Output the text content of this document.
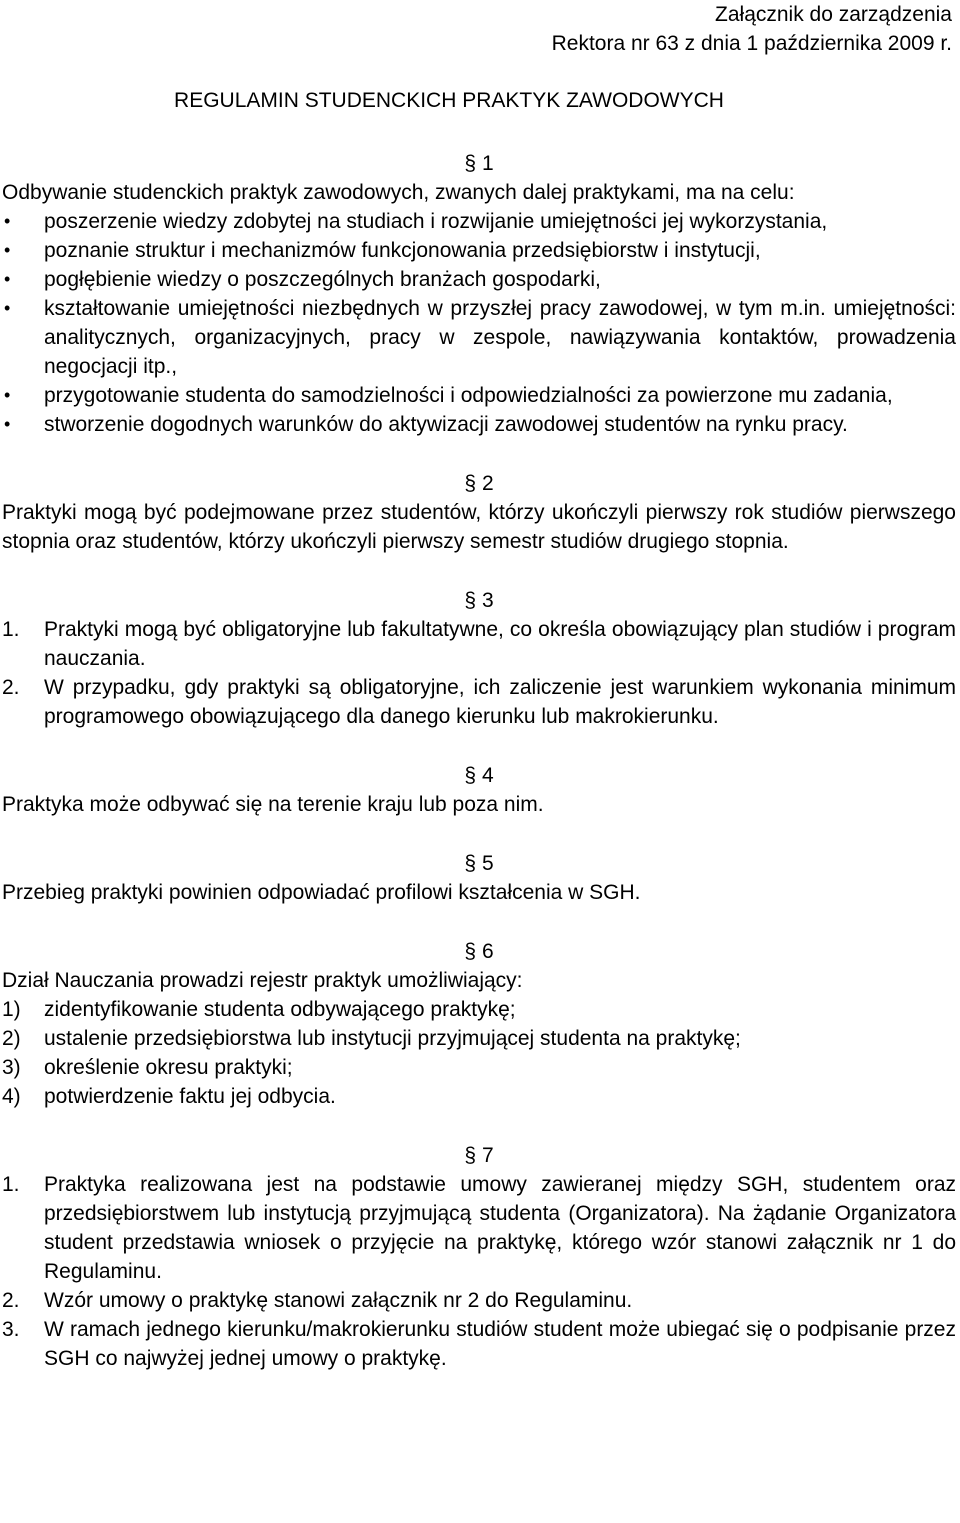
Załącznik do zarządzenia
Rektora nr 63 z dnia 1 października 2009 r.
REGULAMIN STUDENCKICH PRAKTYK ZAWODOWYCH
§ 1
Odbywanie studenckich praktyk zawodowych, zwanych dalej praktykami, ma na celu:
• poszerzenie wiedzy zdobytej na studiach i rozwijanie umiejętności jej wykorzystania,
• poznanie struktur i mechanizmów funkcjonowania przedsiębiorstw i instytucji,
• pogłębienie wiedzy o poszczególnych branżach gospodarki,
• kształtowanie umiejętności niezbędnych w przyszłej pracy zawodowej, w tym m.in. umiejętności: analitycznych, organizacyjnych, pracy w zespole, nawiązywania kontaktów, prowadzenia negocjacji itp.,
• przygotowanie studenta do samodzielności i odpowiedzialności za powierzone mu zadania,
• stworzenie dogodnych warunków do aktywizacji zawodowej studentów na rynku pracy.
§ 2
Praktyki mogą być podejmowane przez studentów, którzy ukończyli pierwszy rok studiów pierwszego stopnia oraz studentów, którzy ukończyli pierwszy semestr studiów drugiego stopnia.
§ 3
1. Praktyki mogą być obligatoryjne lub fakultatywne, co określa obowiązujący plan studiów i program nauczania.
2. W przypadku, gdy praktyki są obligatoryjne, ich zaliczenie jest warunkiem wykonania minimum programowego obowiązującego dla danego kierunku lub makrokierunku.
§ 4
Praktyka może odbywać się na terenie kraju lub poza nim.
§ 5
Przebieg praktyki powinien odpowiadać profilowi kształcenia w SGH.
§ 6
Dział Nauczania prowadzi rejestr praktyk umożliwiający:
1) zidentyfikowanie studenta odbywającego praktykę;
2) ustalenie przedsiębiorstwa lub instytucji przyjmującej studenta na praktykę;
3) określenie okresu praktyki;
4) potwierdzenie faktu jej odbycia.
§ 7
1. Praktyka realizowana jest na podstawie umowy zawieranej między SGH, studentem oraz przedsiębiorstwem lub instytucją przyjmującą studenta (Organizatora). Na żądanie Organizatora student przedstawia wniosek o przyjęcie na praktykę, którego wzór stanowi załącznik nr 1 do Regulaminu.
2. Wzór umowy o praktykę stanowi załącznik nr 2 do Regulaminu.
3. W ramach jednego kierunku/makrokierunku studiów student może ubiegać się o podpisanie przez SGH co najwyżej jednej umowy o praktykę.
